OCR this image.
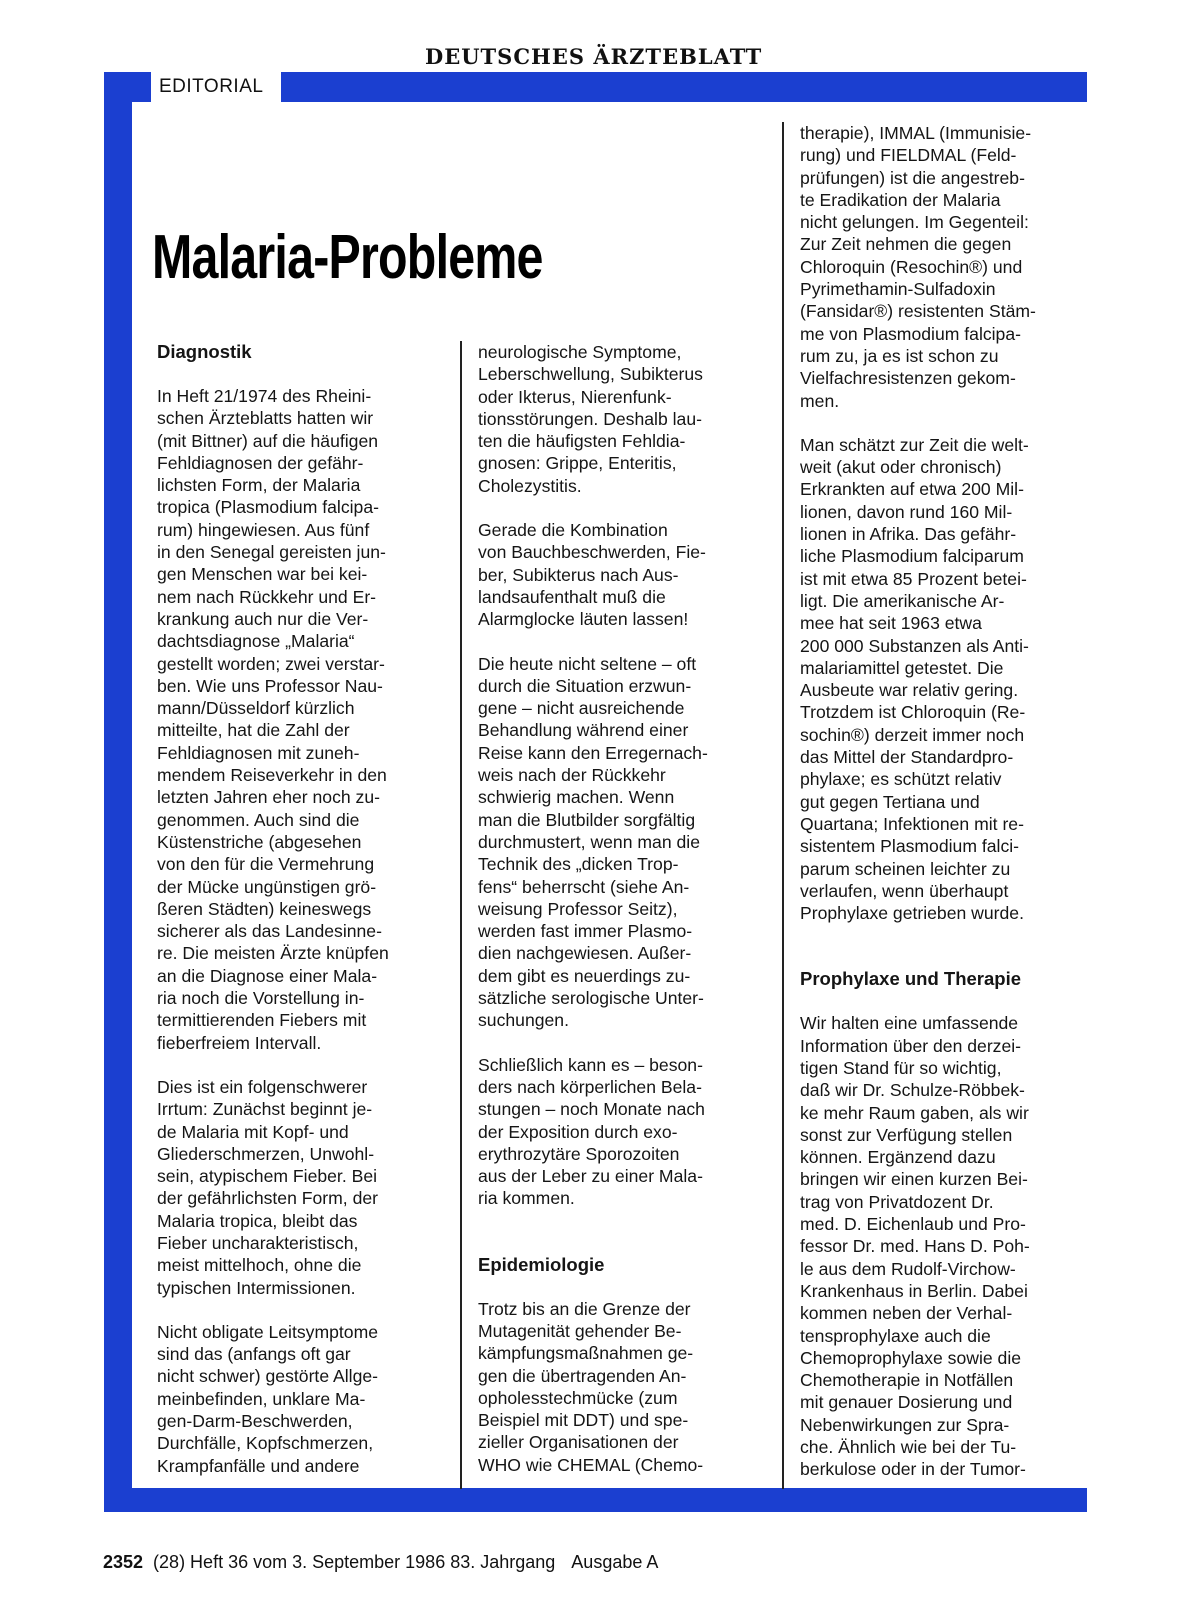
DEUTSCHES ÄRZTEBLATT
EDITORIAL
Malaria-Probleme
Diagnostik

In Heft 21/1974 des Rheini-
schen Ärzteblatts hatten wir
(mit Bittner) auf die häufigen
Fehldiagnosen der gefähr-
lichsten Form, der Malaria
tropica (Plasmodium falcipa-
rum) hingewiesen. Aus fünf
in den Senegal gereisten jun-
gen Menschen war bei kei-
nem nach Rückkehr und Er-
krankung auch nur die Ver-
dachtsdiagnose „Malaria“
gestellt worden; zwei verstar-
ben. Wie uns Professor Nau-
mann/Düsseldorf kürzlich
mitteilte, hat die Zahl der
Fehldiagnosen mit zuneh-
mendem Reiseverkehr in den
letzten Jahren eher noch zu-
genommen. Auch sind die
Küstenstriche (abgesehen
von den für die Vermehrung
der Mücke ungünstigen grö-
ßeren Städten) keineswegs
sicherer als das Landesinne-
re. Die meisten Ärzte knüpfen
an die Diagnose einer Mala-
ria noch die Vorstellung in-
termittierenden Fiebers mit
fieberfreiem Intervall.

Dies ist ein folgenschwerer
Irrtum: Zunächst beginnt je-
de Malaria mit Kopf- und
Gliederschmerzen, Unwohl-
sein, atypischem Fieber. Bei
der gefährlichsten Form, der
Malaria tropica, bleibt das
Fieber uncharakteristisch,
meist mittelhoch, ohne die
typischen Intermissionen.

Nicht obligate Leitsymptome
sind das (anfangs oft gar
nicht schwer) gestörte Allge-
meinbefinden, unklare Ma-
gen-Darm-Beschwerden,
Durchfälle, Kopfschmerzen,
Krampfanfälle und andere

neurologische Symptome,
Leberschwellung, Subikterus
oder Ikterus, Nierenfunk-
tionsstörungen. Deshalb lau-
ten die häufigsten Fehldia-
gnosen: Grippe, Enteritis,
Cholezystitis.

Gerade die Kombination
von Bauchbeschwerden, Fie-
ber, Subikterus nach Aus-
landsaufenthalt muß die
Alarmglocke läuten lassen!

Die heute nicht seltene – oft
durch die Situation erzwun-
gene – nicht ausreichende
Behandlung während einer
Reise kann den Erregernach-
weis nach der Rückkehr
schwierig machen. Wenn
man die Blutbilder sorgfältig
durchmustert, wenn man die
Technik des „dicken Trop-
fens“ beherrscht (siehe An-
weisung Professor Seitz),
werden fast immer Plasmo-
dien nachgewiesen. Außer-
dem gibt es neuerdings zu-
sätzliche serologische Unter-
suchungen.

Schließlich kann es – beson-
ders nach körperlichen Bela-
stungen – noch Monate nach
der Exposition durch exo-
erythrozytäre Sporozoiten
aus der Leber zu einer Mala-
ria kommen.

Epidemiologie

Trotz bis an die Grenze der
Mutagenität gehender Be-
kämpfungsmaßnahmen ge-
gen die übertragenden An-
opholesstechmücke (zum
Beispiel mit DDT) und spe-
zieller Organisationen der
WHO wie CHEMAL (Chemo-

therapie), IMMAL (Immunisie-
rung) und FIELDMAL (Feld-
prüfungen) ist die angestreb-
te Eradikation der Malaria
nicht gelungen. Im Gegenteil:
Zur Zeit nehmen die gegen
Chloroquin (Resochin®) und
Pyrimethamin-Sulfadoxin
(Fansidar®) resistenten Stäm-
me von Plasmodium falcipa-
rum zu, ja es ist schon zu
Vielfachresistenzen gekom-
men.

Man schätzt zur Zeit die welt-
weit (akut oder chronisch)
Erkrankten auf etwa 200 Mil-
lionen, davon rund 160 Mil-
lionen in Afrika. Das gefähr-
liche Plasmodium falciparum
ist mit etwa 85 Prozent betei-
ligt. Die amerikanische Ar-
mee hat seit 1963 etwa
200 000 Substanzen als Anti-
malariamittel getestet. Die
Ausbeute war relativ gering.
Trotzdem ist Chloroquin (Re-
sochin®) derzeit immer noch
das Mittel der Standardpro-
phylaxe; es schützt relativ
gut gegen Tertiana und
Quartana; Infektionen mit re-
sistentem Plasmodium falci-
parum scheinen leichter zu
verlaufen, wenn überhaupt
Prophylaxe getrieben wurde.

Prophylaxe und Therapie

Wir halten eine umfassende
Information über den derzei-
tigen Stand für so wichtig,
daß wir Dr. Schulze-Röbbek-
ke mehr Raum gaben, als wir
sonst zur Verfügung stellen
können. Ergänzend dazu
bringen wir einen kurzen Bei-
trag von Privatdozent Dr.
med. D. Eichenlaub und Pro-
fessor Dr. med. Hans D. Poh-
le aus dem Rudolf-Virchow-
Krankenhaus in Berlin. Dabei
kommen neben der Verhal-
tensprophylaxe auch die
Chemoprophylaxe sowie die
Chemotherapie in Notfällen
mit genauer Dosierung und
Nebenwirkungen zur Spra-
che. Ähnlich wie bei der Tu-
berkulose oder in der Tumor-

2352 (28) Heft 36 vom 3. September 1986 83. Jahrgang Ausgabe A
